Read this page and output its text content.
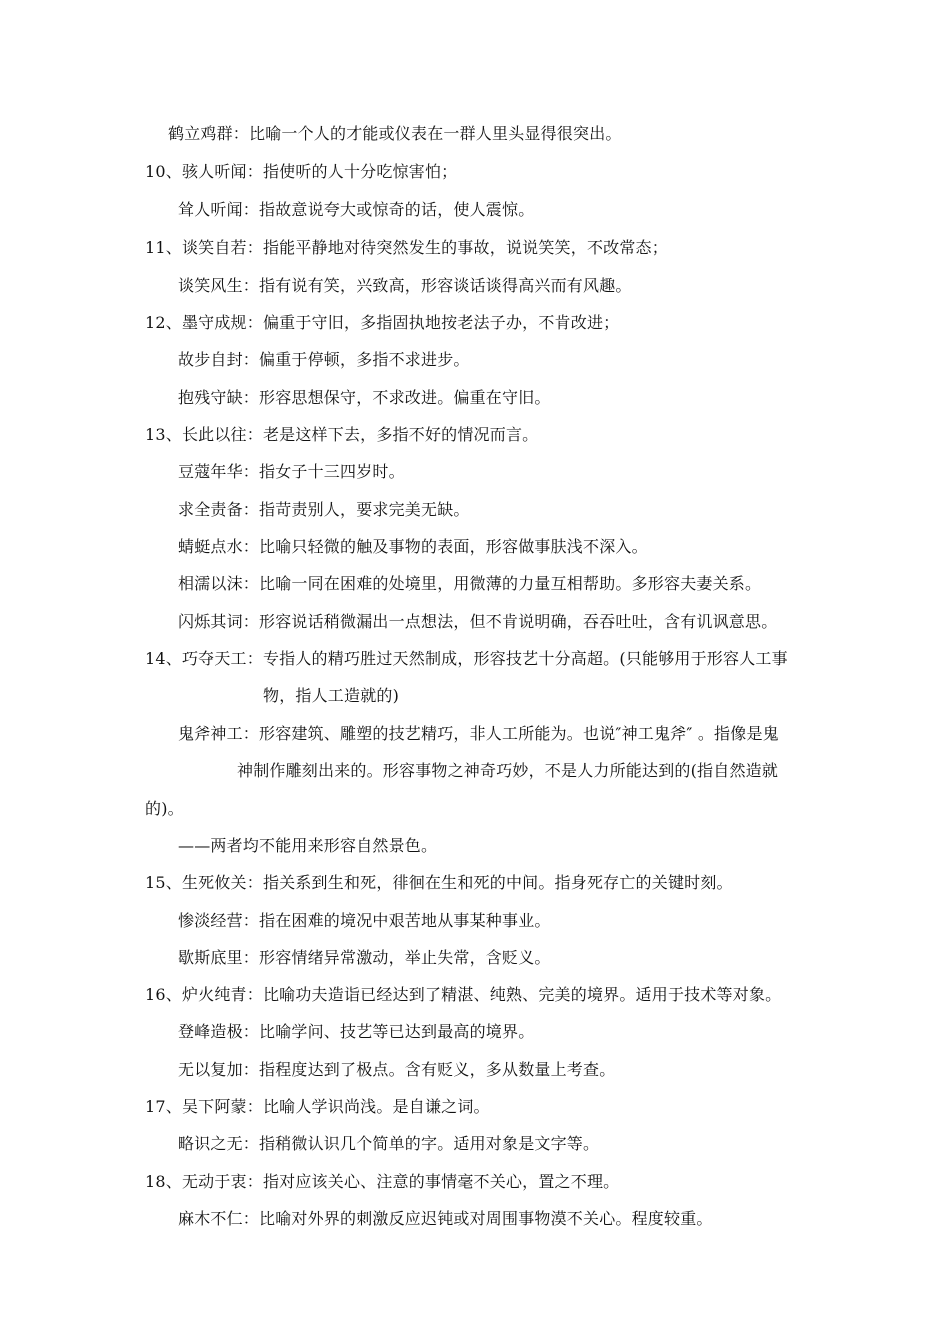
鹤立鸡群：比喻一个人的才能或仪表在一群人里头显得很突出。
10、骇人听闻：指使听的人十分吃惊害怕；
耸人听闻：指故意说夸大或惊奇的话，使人震惊。
11、谈笑自若：指能平静地对待突然发生的事故，说说笑笑，不改常态；
谈笑风生：指有说有笑，兴致高，形容谈话谈得高兴而有风趣。
12、墨守成规：偏重于守旧，多指固执地按老法子办，不肯改进；
故步自封：偏重于停顿，多指不求进步。
抱残守缺：形容思想保守，不求改进。偏重在守旧。
13、长此以往：老是这样下去，多指不好的情况而言。
豆蔻年华：指女子十三四岁时。
求全责备：指苛责别人，要求完美无缺。
蜻蜓点水：比喻只轻微的触及事物的表面，形容做事肤浅不深入。
相濡以沫：比喻一同在困难的处境里，用微薄的力量互相帮助。多形容夫妻关系。
闪烁其词：形容说话稍微漏出一点想法，但不肯说明确，吞吞吐吐，含有讥讽意思。
14、巧夺天工：专指人的精巧胜过天然制成，形容技艺十分高超。(只能够用于形容人工事
物，指人工造就的)
鬼斧神工：形容建筑、雕塑的技艺精巧，非人工所能为。也说″神工鬼斧″ 。指像是鬼
神制作雕刻出来的。形容事物之神奇巧妙，不是人力所能达到的(指自然造就
的)。
——两者均不能用来形容自然景色。
15、生死攸关：指关系到生和死，徘徊在生和死的中间。指身死存亡的关键时刻。
惨淡经营：指在困难的境况中艰苦地从事某种事业。
歇斯底里：形容情绪异常激动，举止失常，含贬义。
16、炉火纯青：比喻功夫造诣已经达到了精湛、纯熟、完美的境界。适用于技术等对象。
登峰造极：比喻学问、技艺等已达到最高的境界。
无以复加：指程度达到了极点。含有贬义，多从数量上考查。
17、吴下阿蒙：比喻人学识尚浅。是自谦之词。
略识之无：指稍微认识几个简单的字。适用对象是文字等。
18、无动于衷：指对应该关心、注意的事情毫不关心，置之不理。
麻木不仁：比喻对外界的刺激反应迟钝或对周围事物漠不关心。程度较重。
